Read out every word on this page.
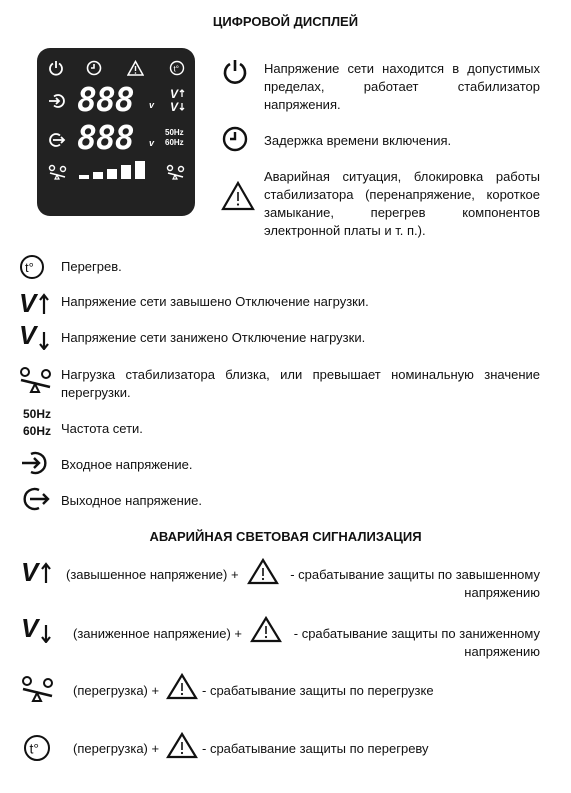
ЦИФРОВОЙ ДИСПЛЕЙ
t°
888 v
V
V
888 v
50Hz
60Hz
Напряжение сети находится в допустимых пределах, работает стабилизатор напряжения.
Задержка времени включения.
Аварийная ситуация, блокировка работы стабилизатора (перенапряжение, короткое замыкание, перегрев компонентов электронной платы и т. п.).
t° Перегрев.
V Напряжение сети завышено Отключение нагрузки.
V Напряжение сети занижено Отключение нагрузки.
Нагрузка стабилизатора близка, или превышает номинальную значение перегрузки.
50Hz
60Hz Частота сети.
Входное напряжение.
Выходное напряжение.
АВАРИЙНАЯ СВЕТОВАЯ СИГНАЛИЗАЦИЯ
V (завышенное напряжение) +	- срабатывание защиты по завышенному напряжению
V	(заниженное напряжение) +	- срабатывание защиты по заниженному напряжению
(перегрузка) +	- срабатывание защиты по перегрузке
t°	(перегрузка) +	- срабатывание защиты по перегреву
